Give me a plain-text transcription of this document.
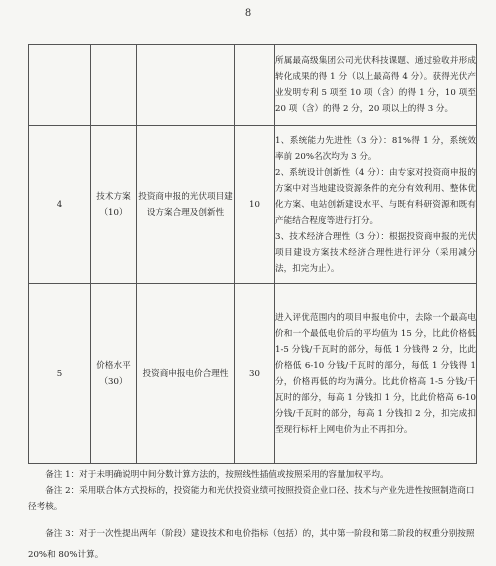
8

				所属最高级集团公司光伏科技课题、通过验收并形成转化成果的得 1 分（以上最高得 4 分）。获得光伏产业发明专利 5 项至 10 项（含）的得 1 分，10 项至 20 项（含）的得 2 分，20 项以上的得 3 分。

4	技术方案（10）	投资商申报的光伏项目建设方案合理及创新性	10	1、系统能力先进性（3 分）：81%得 1 分，系统效率前 20%名次均为 3 分。

2、系统设计创新性（4 分）：由专家对投资商申报的方案中对当地建设资源条件的充分有效利用、整体优化方案、电站创新建设水平、与既有科研资源和既有产能结合程度等进行打分。

3、技术经济合理性（3 分）：根据投资商申报的光伏项目建设方案技术经济合理性进行评分（采用减分法，扣完为止）。

5	价格水平（30）	投资商申报电价合理性	30	进入评优范围内的项目申报电价中，去除一个最高电价和一个最低电价后的平均值为 15 分，比此价格低 1-5 分钱/千瓦时的部分，每低 1 分钱得 2 分，比此价格低 6-10 分钱/千瓦时的部分，每低 1 分钱得 1 分，价格再低的均为满分。比此价格高 1-5 分钱/千瓦时的部分，每高 1 分钱扣 1 分，比此价格高 6-10 分钱/千瓦时的部分，每高 1 分钱扣 2 分，扣完成扣至现行标杆上网电价为止不再扣分。

备注 1：对于未明确说明中间分数计算方法的，按照线性插值或按照采用的容量加权平均。

备注 2：采用联合体方式投标的，投资能力和光伏投资业绩可按照投资企业口径、技术与产业先进性按照制造商口径考核。

备注 3：对于一次性提出两年（阶段）建设技术和电价指标（包括）的，其中第一阶段和第二阶段的权重分别按照 20%和 80%计算。
